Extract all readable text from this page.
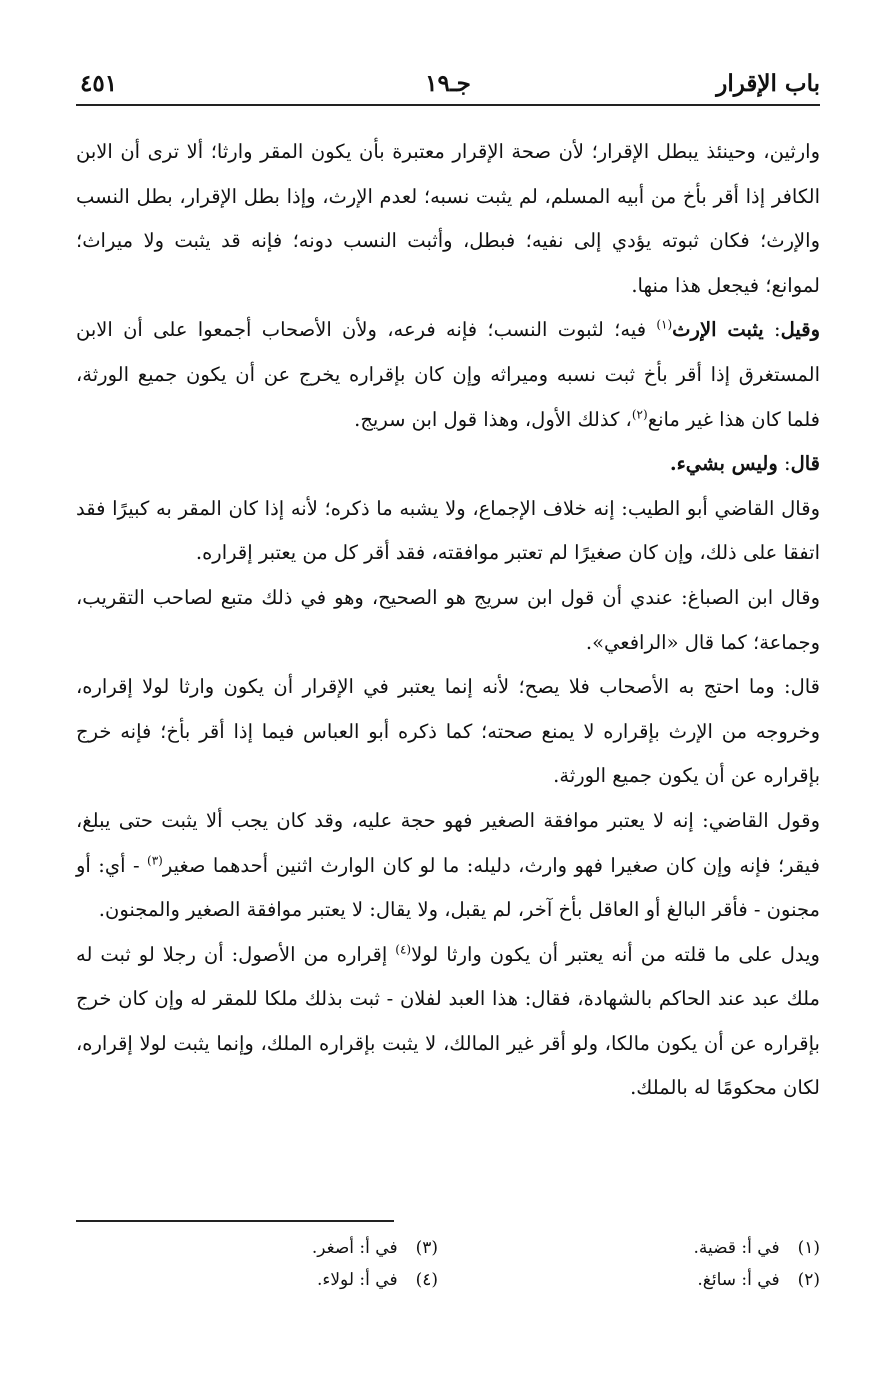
باب الإقرار
جـ١٩
٤٥١

وارثين، وحينئذ يبطل الإقرار؛ لأن صحة الإقرار معتبرة بأن يكون المقر وارثا؛ ألا ترى أن الابن الكافر إذا أقر بأخ من أبيه المسلم، لم يثبت نسبه؛ لعدم الإرث، وإذا بطل الإقرار، بطل النسب والإرث؛ فكان ثبوته يؤدي إلى نفيه؛ فبطل، وأثبت النسب دونه؛ فإنه قد يثبت ولا ميراث؛ لموانع؛ فيجعل هذا منها.

وقيل: يثبت الإرث$^{(١)}$ فيه؛ لثبوت النسب؛ فإنه فرعه، ولأن الأصحاب أجمعوا على أن الابن المستغرق إذا أقر بأخ ثبت نسبه وميراثه وإن كان بإقراره يخرج عن أن يكون جميع الورثة، فلما كان هذا غير مانع$^{(٢)}$، كذلك الأول، وهذا قول ابن سريج.

قال: وليس بشيء.

وقال القاضي أبو الطيب: إنه خلاف الإجماع، ولا يشبه ما ذكره؛ لأنه إذا كان المقر به كبيرًا فقد اتفقا على ذلك، وإن كان صغيرًا لم تعتبر موافقته، فقد أقر كل من يعتبر إقراره.

وقال ابن الصباغ: عندي أن قول ابن سريج هو الصحيح، وهو في ذلك متبع لصاحب التقريب، وجماعة؛ كما قال «الرافعي».

قال: وما احتج به الأصحاب فلا يصح؛ لأنه إنما يعتبر في الإقرار أن يكون وارثا لولا إقراره، وخروجه من الإرث بإقراره لا يمنع صحته؛ كما ذكره أبو العباس فيما إذا أقر بأخ؛ فإنه خرج بإقراره عن أن يكون جميع الورثة.

وقول القاضي: إنه لا يعتبر موافقة الصغير فهو حجة عليه، وقد كان يجب ألا يثبت حتى يبلغ، فيقر؛ فإنه وإن كان صغيرا فهو وارث، دليله: ما لو كان الوارث اثنين أحدهما صغير$^{(٣)}$ - أي: أو مجنون - فأقر البالغ أو العاقل بأخ آخر، لم يقبل، ولا يقال: لا يعتبر موافقة الصغير والمجنون.

ويدل على ما قلته من أنه يعتبر أن يكون وارثا لولا$^{(٤)}$ إقراره من الأصول: أن رجلا لو ثبت له ملك عبد عند الحاكم بالشهادة، فقال: هذا العبد لفلان - ثبت بذلك ملكا للمقر له وإن كان خرج بإقراره عن أن يكون مالكا، ولو أقر غير المالك، لا يثبت بإقراره الملك، وإنما يثبت لولا إقراره، لكان محكومًا له بالملك.

(١)في أ: قضية.
(٢)في أ: سائغ.
(٣)في أ: أصغر.
(٤)في أ: لولاء.
